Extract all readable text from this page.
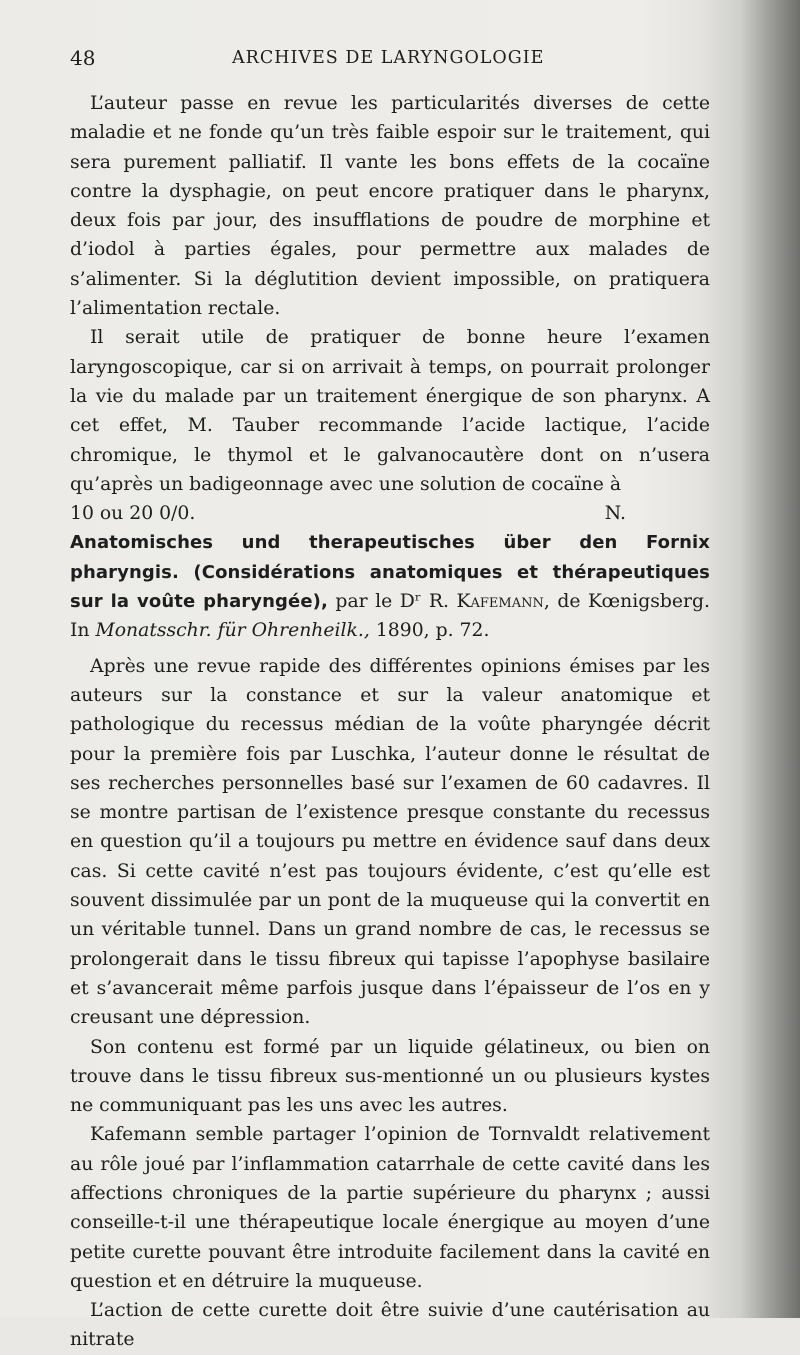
48	ARCHIVES DE LARYNGOLOGIE

L’auteur passe en revue les particularités diverses de cette maladie et ne fonde qu’un très faible espoir sur le traitement, qui sera purement palliatif. Il vante les bons effets de la cocaïne contre la dysphagie, on peut encore pratiquer dans le pharynx, deux fois par jour, des insufflations de poudre de morphine et d’iodol à parties égales, pour permettre aux malades de s’alimenter. Si la déglutition devient impossible, on pratiquera l’alimentation rectale.

Il serait utile de pratiquer de bonne heure l’examen laryngoscopique, car si on arrivait à temps, on pourrait prolonger la vie du malade par un traitement énergique de son pharynx. A cet effet, M. Tauber recommande l’acide lactique, l’acide chromique, le thymol et le galvanocautère dont on n’usera qu’après un badigeonnage avec une solution de cocaïne à

10 ou 20 0/0.	N.

Anatomisches und therapeutisches über den Fornix pharyngis. (Considérations anatomiques et thérapeutiques sur la voûte pharyngée), par le Dʳ R. Kafemann, de Kœnigsberg. In Monatsschr. für Ohrenheilk., 1890, p. 72.

Après une revue rapide des différentes opinions émises par les auteurs sur la constance et sur la valeur anatomique et pathologique du recessus médian de la voûte pharyngée décrit pour la première fois par Luschka, l’auteur donne le résultat de ses recherches personnelles basé sur l’examen de 60 cadavres. Il se montre partisan de l’existence presque constante du recessus en question qu’il a toujours pu mettre en évidence sauf dans deux cas. Si cette cavité n’est pas toujours évidente, c’est qu’elle est souvent dissimulée par un pont de la muqueuse qui la convertit en un véritable tunnel. Dans un grand nombre de cas, le recessus se prolongerait dans le tissu fibreux qui tapisse l’apophyse basilaire et s’avancerait même parfois jusque dans l’épaisseur de l’os en y creusant une dépression.

Son contenu est formé par un liquide gélatineux, ou bien on trouve dans le tissu fibreux sus-mentionné un ou plusieurs kystes ne communiquant pas les uns avec les autres.

Kafemann semble partager l’opinion de Tornvaldt relativement au rôle joué par l’inflammation catarrhale de cette cavité dans les affections chroniques de la partie supérieure du pharynx ; aussi conseille-t-il une thérapeutique locale énergique au moyen d’une petite curette pouvant être introduite facilement dans la cavité en question et en détruire la muqueuse.

L’action de cette curette doit être suivie d’une cautérisation au nitrate
